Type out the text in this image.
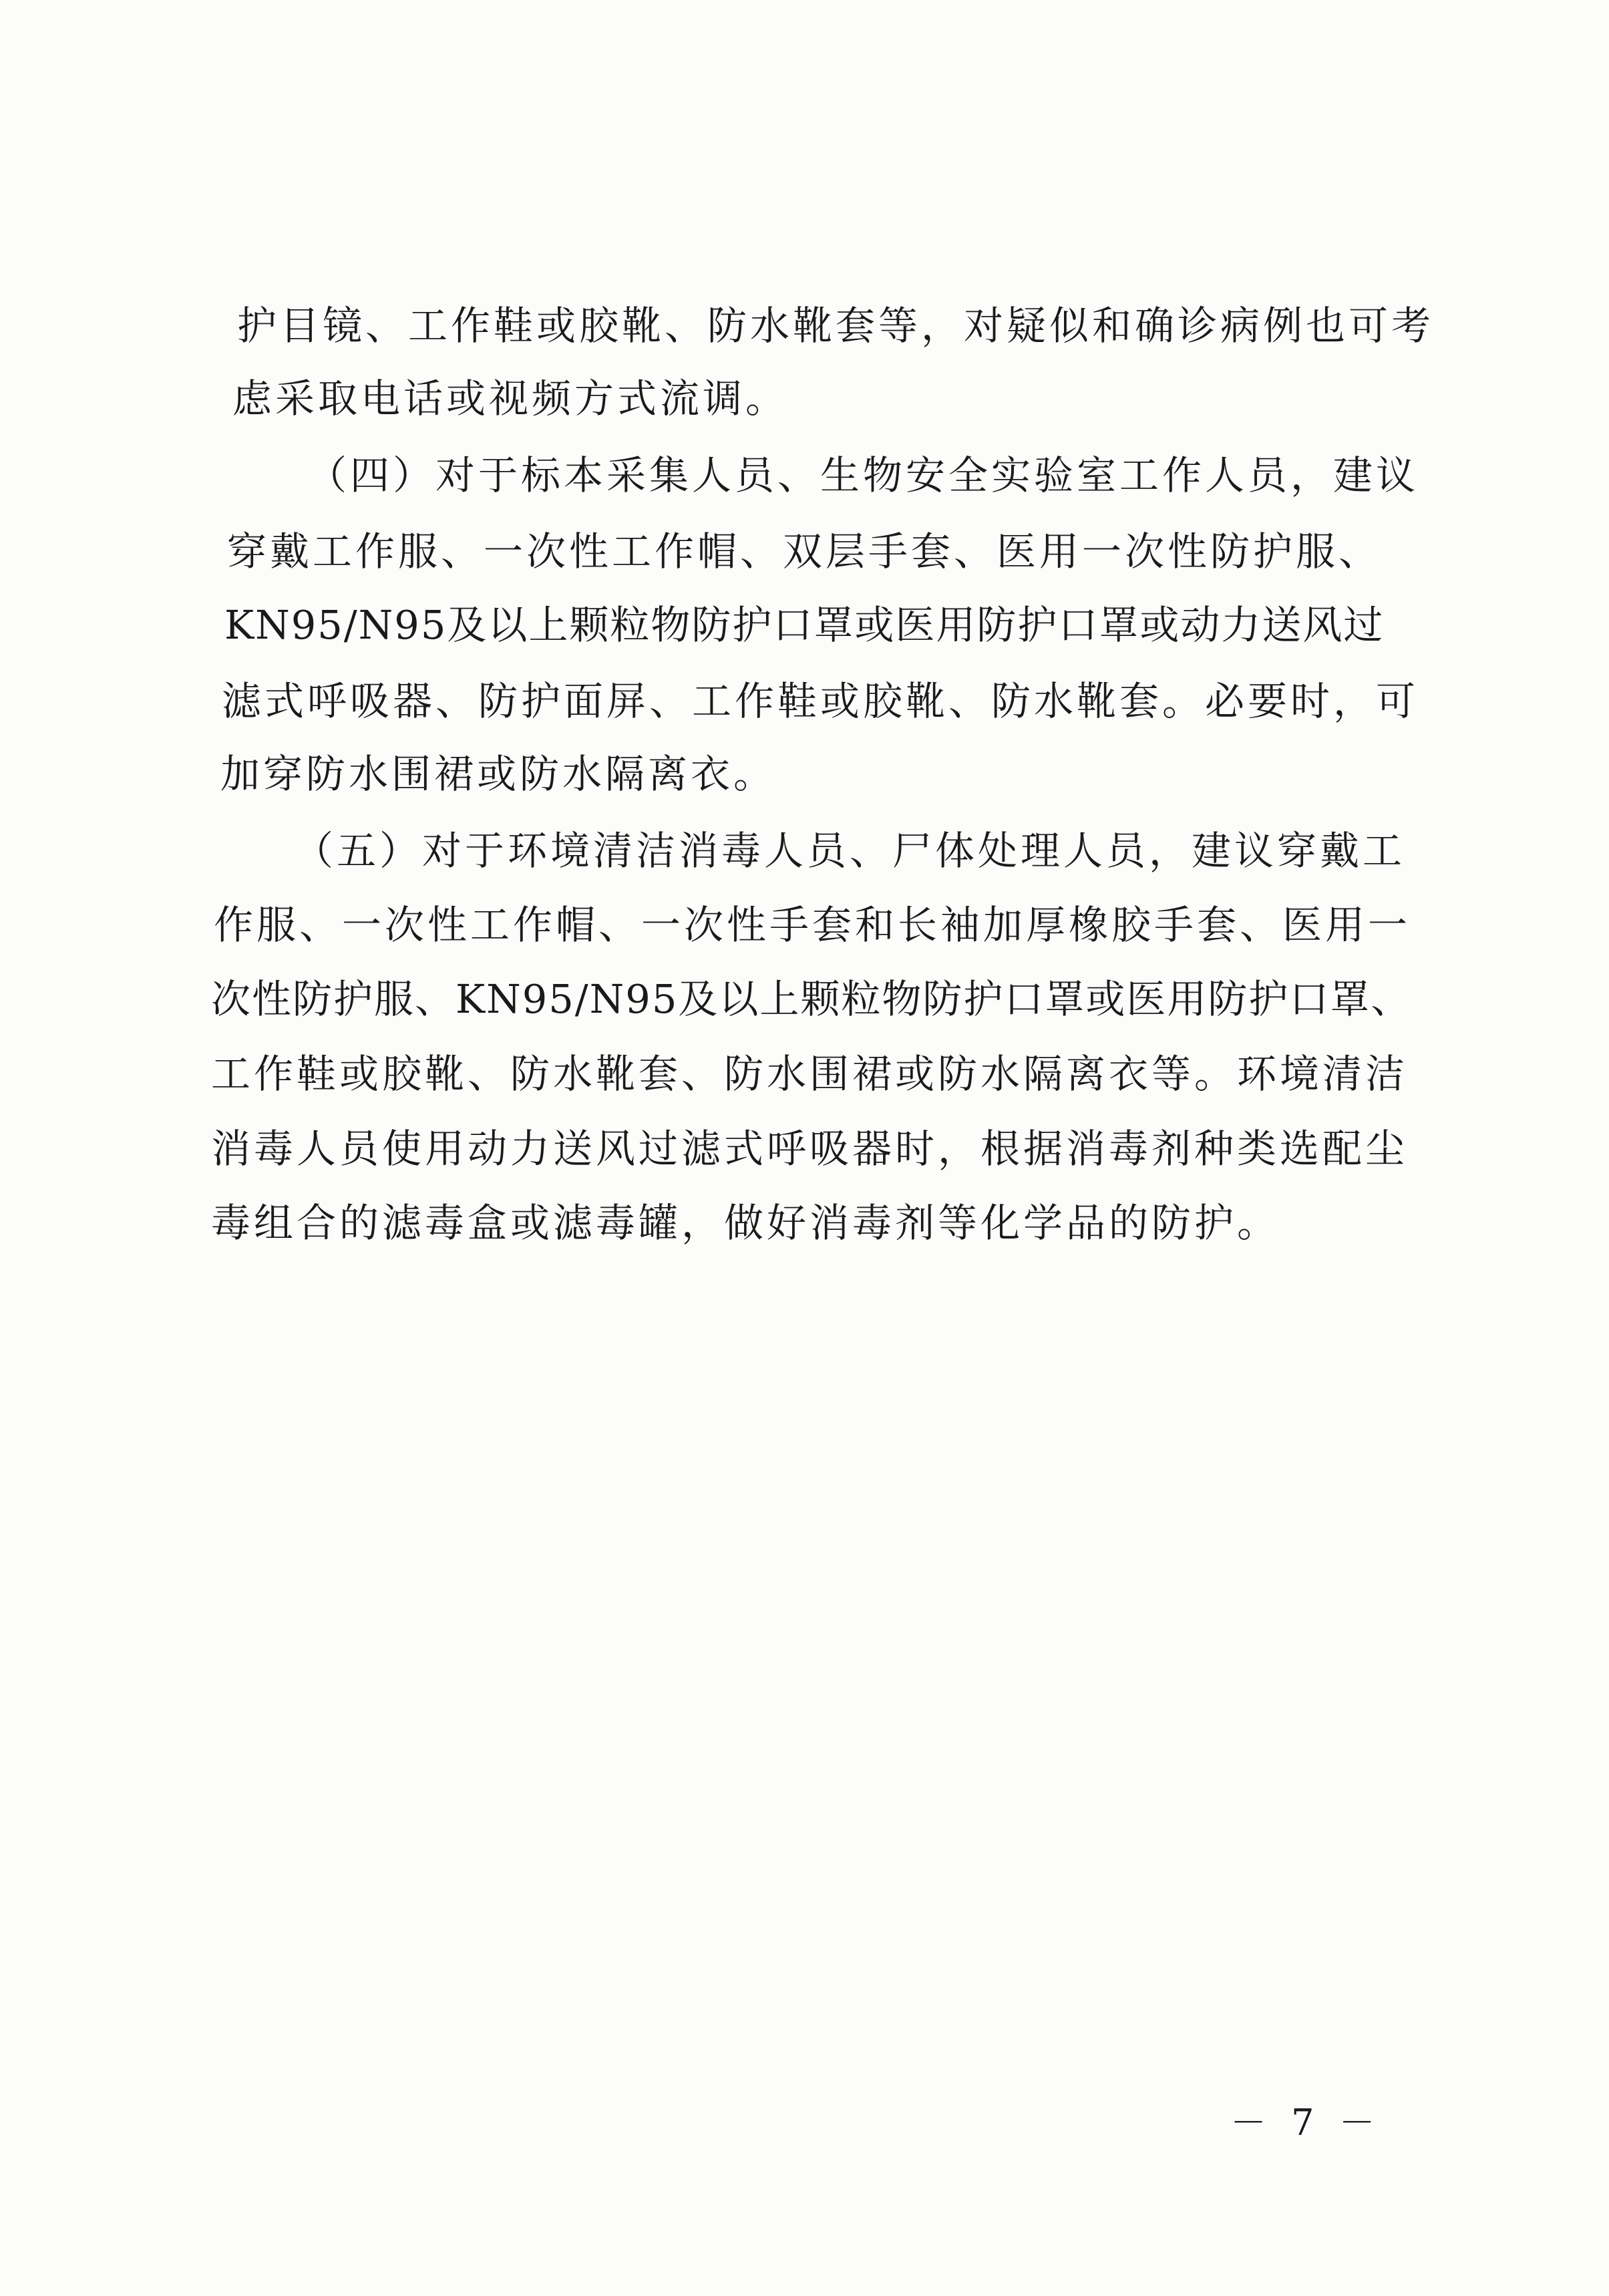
护目镜、工作鞋或胶靴、防水靴套等，对疑似和确诊病例也可考
虑采取电话或视频方式流调。
（四）对于标本采集人员、生物安全实验室工作人员，建议
穿戴工作服、一次性工作帽、双层手套、医用一次性防护服、
KN95/N95及以上颗粒物防护口罩或医用防护口罩或动力送风过
滤式呼吸器、防护面屏、工作鞋或胶靴、防水靴套。必要时，可
加穿防水围裙或防水隔离衣。
（五）对于环境清洁消毒人员、尸体处理人员，建议穿戴工
作服、一次性工作帽、一次性手套和长袖加厚橡胶手套、医用一
次性防护服、KN95/N95及以上颗粒物防护口罩或医用防护口罩、
工作鞋或胶靴、防水靴套、防水围裙或防水隔离衣等。环境清洁
消毒人员使用动力送风过滤式呼吸器时，根据消毒剂种类选配尘
毒组合的滤毒盒或滤毒罐，做好消毒剂等化学品的防护。
－ 7 －
